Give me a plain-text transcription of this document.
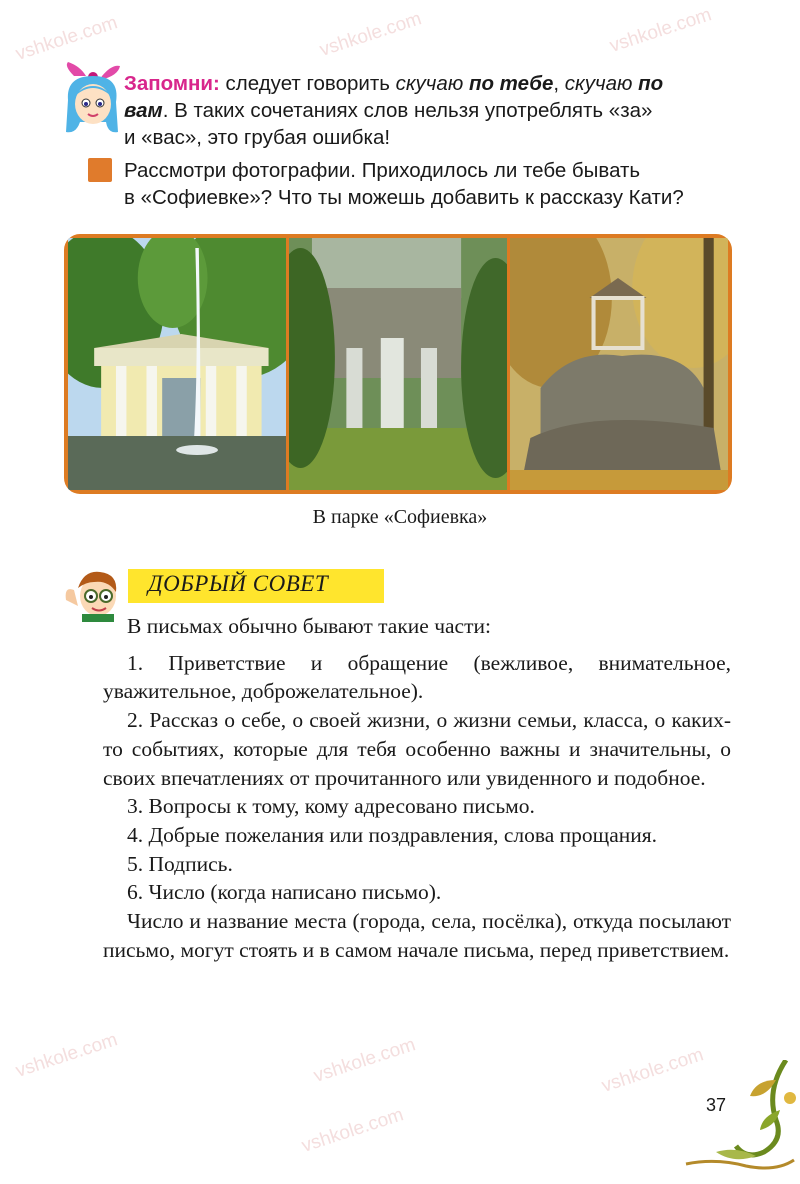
vshkole.com	vshkole.com	vshkole.com
vshkole.com	vshkole.com
vshkole.com
vshkole.com
Запомни: следует говорить скучаю по тебе, скучаю по
вам. В таких сочетаниях слов нельзя употреблять «за»
и «вас», это грубая ошибка!
Рассмотри фотографии. Приходилось ли тебе бывать
в «Софиевке»? Что ты можешь добавить к рассказу Кати?
В парке «Софиевка»
ДОБРЫЙ СОВЕТ

В письмах обычно бывают такие части:

1. Приветствие и обращение (вежливое, внимательное, уважительное, доброжелательное).

2. Рассказ о себе, о своей жизни, о жизни семьи, класса, о каких-то событиях, которые для тебя особенно важны и значительны, о своих впечатлениях от прочитанного или увиденного и подобное.

3. Вопросы к тому, кому адресовано письмо.

4. Добрые пожелания или поздравления, слова прощания.

5. Подпись.

6. Число (когда написано письмо).

Число и название места (города, села, посёлка), откуда посылают письмо, могут стоять и в самом начале письма, перед приветствием.

37
